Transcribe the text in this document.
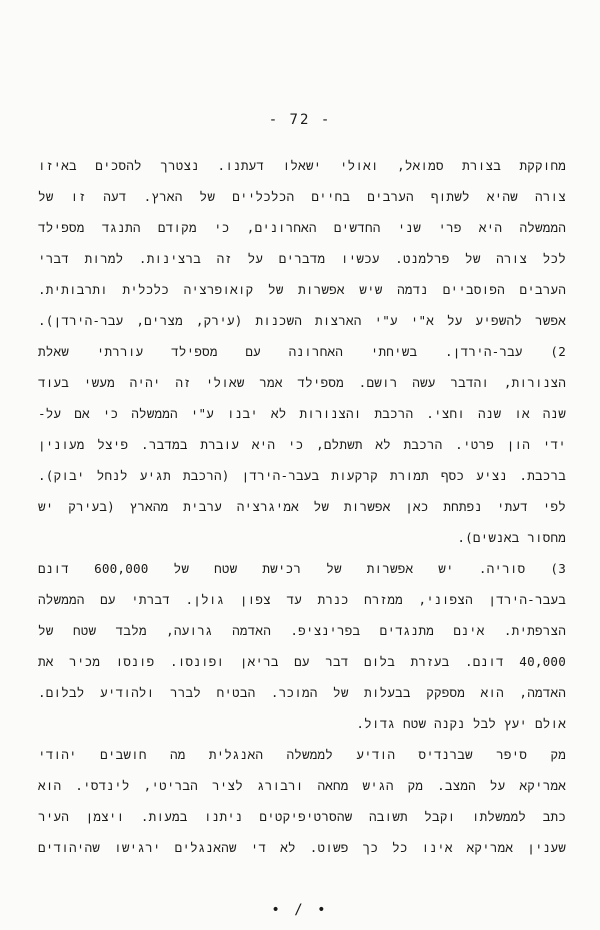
- 72 -
מחוקקת בצורת סמואל, ואולי ישאלו דעתנו. נצטרך להסכים באיזו
צורה שהיא לשתוף הערבים בחיים הכלכליים של הארץ. דעה זו של
הממשלה היא פרי שני החדשים האחרונים, כי מקודם התנגד מספילד
לכל צורה של פרלמנט. עכשיו מדברים על זה ברצינות. למרות דברי
הערבים הפוסביים נדמה שיש אפשרות של קואופרציה כלכלית ותרבותית.
אפשר להשפיע על א"י ע"י הארצות השכנות (עירק, מצרים, עבר-הירדן).
2) עבר-הירדן. בשיחתי האחרונה עם מספילד עוררתי שאלת
הצנורות, והדבר עשה רושם. מספילד אמר שאולי זה יהיה מעשי בעוד
שנה או שנה וחצי. הרכבת והצנורות לא יבנו ע"י הממשלה כי אם על-
ידי הון פרטי. הרכבת לא תשתלם, כי היא עוברת במדבר. פיצל מעונין
ברכבת. נציע כסף תמורת קרקעות בעבר-הירדן (הרכבת תגיע לנחל יבוק).
לפי דעתי נפתחת כאן אפשרות של אמיגרציה ערבית מהארץ (בעירק יש
מחסור באנשים).
3) סוריה. יש אפשרות של רכישת שטח של 600,000 דונם
בעבר-הירדן הצפוני, ממזרח כנרת עד צפון גולן. דברתי עם הממשלה
הצרפתית. אינם מתנגדים בפרינציפ. האדמה גרועה, מלבד שטח של
40,000 דונם. בעזרת בלום דבר עם בריאן ופונסו. פונסו מכיר את
האדמה, הוא מספקק בבעלות של המוכר. הבטיח לברר ולהודיע לבלום.
אולם יעץ לבל נקנה שטח גדול.
מק סיפר שברנדיס הודיע לממשלה האנגלית מה חושבים יהודי
אמריקא על המצב. מק הגיש מחאה ורבורג לציר הבריטי, לינדסי. הוא
כתב לממשלתו וקבל תשובה שהסרטיפיקטים ניתנו במעות. ויצמן העיר
שענין אמריקא אינו כל כך פשוט. לא די שהאנגלים ירגישו שהיהודים
• / •
